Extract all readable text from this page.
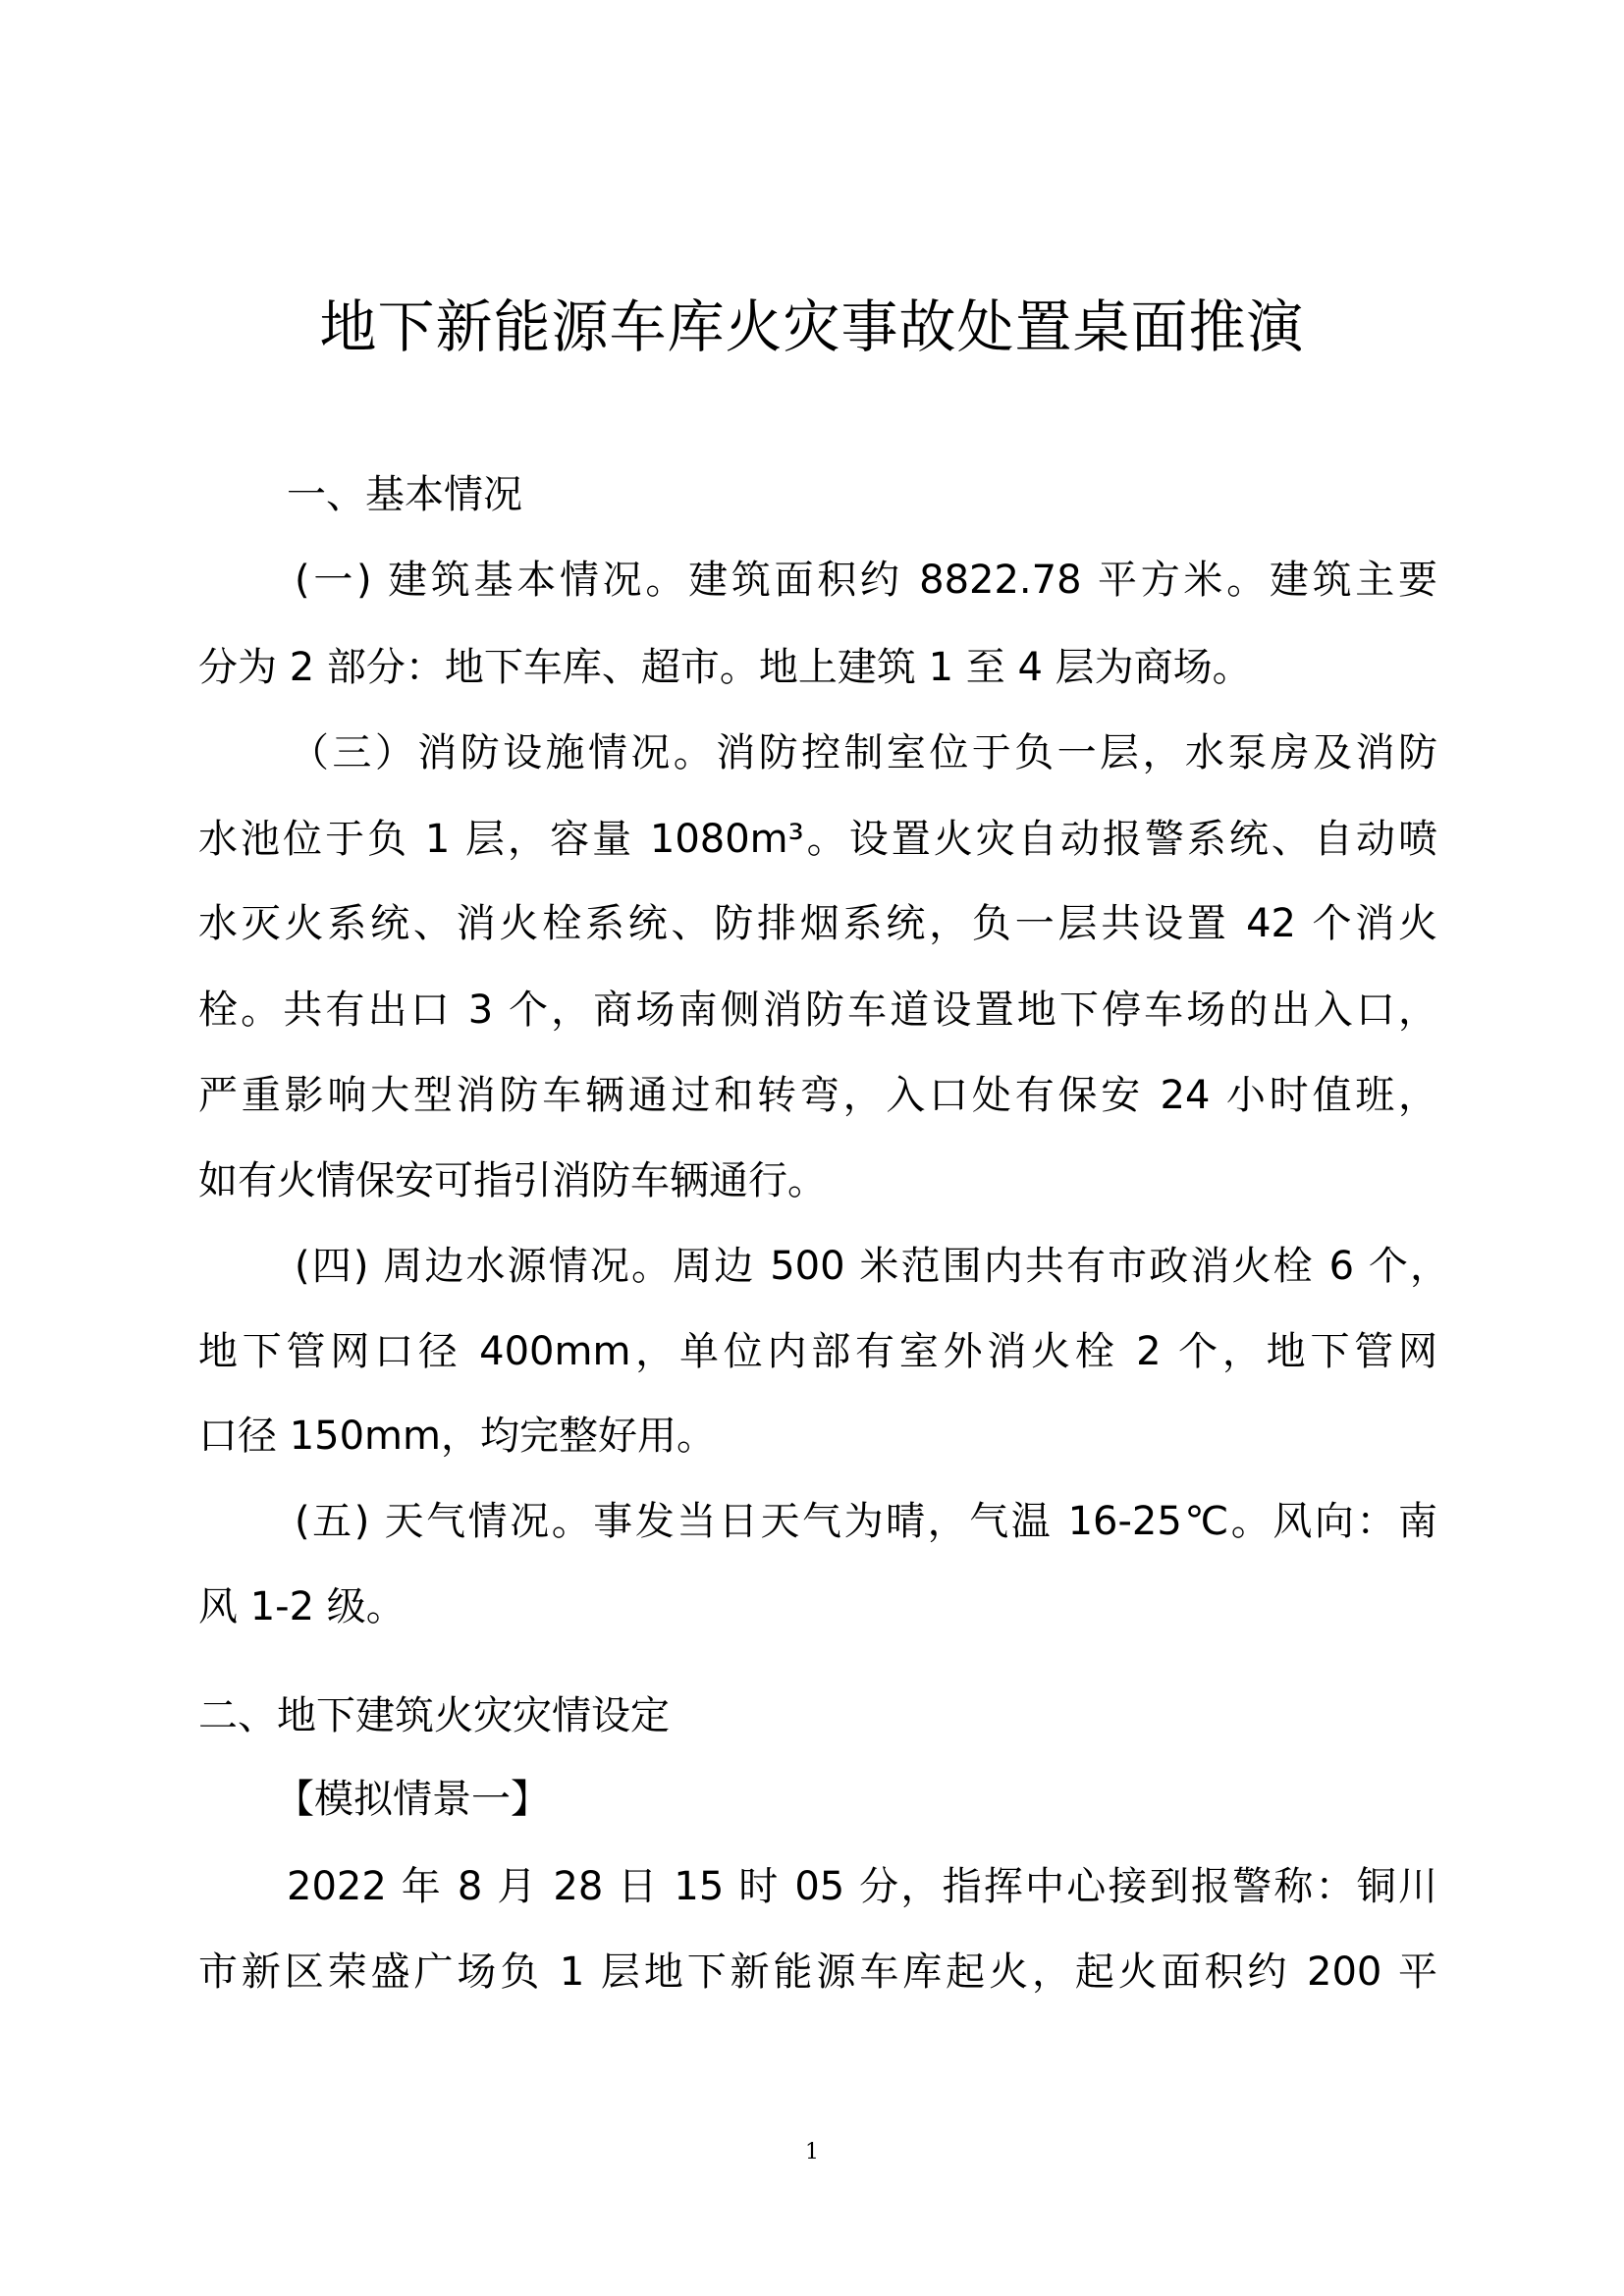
地下新能源车库火灾事故处置桌面推演
一、基本情况
(一) 建筑基本情况。建筑面积约 8822.78 平方米。建筑主要
分为 2 部分：地下车库、超市。地上建筑 1 至 4 层为商场。
（三）消防设施情况。消防控制室位于负一层，水泵房及消防
水池位于负 1 层，容量 1080m³。设置火灾自动报警系统、自动喷
水灭火系统、消火栓系统、防排烟系统，负一层共设置 42 个消火
栓。共有出口 3 个，商场南侧消防车道设置地下停车场的出入口，
严重影响大型消防车辆通过和转弯，入口处有保安 24 小时值班，
如有火情保安可指引消防车辆通行。
(四) 周边水源情况。周边 500 米范围内共有市政消火栓 6 个，
地下管网口径 400mm，单位内部有室外消火栓 2 个，地下管网
口径 150mm，均完整好用。
(五) 天气情况。事发当日天气为晴，气温 16-25℃。风向：南
风 1-2 级。
二、地下建筑火灾灾情设定
【模拟情景一】
2022 年 8 月 28 日 15 时 05 分，指挥中心接到报警称：铜川
市新区荣盛广场负 1 层地下新能源车库起火，起火面积约 200 平
1
